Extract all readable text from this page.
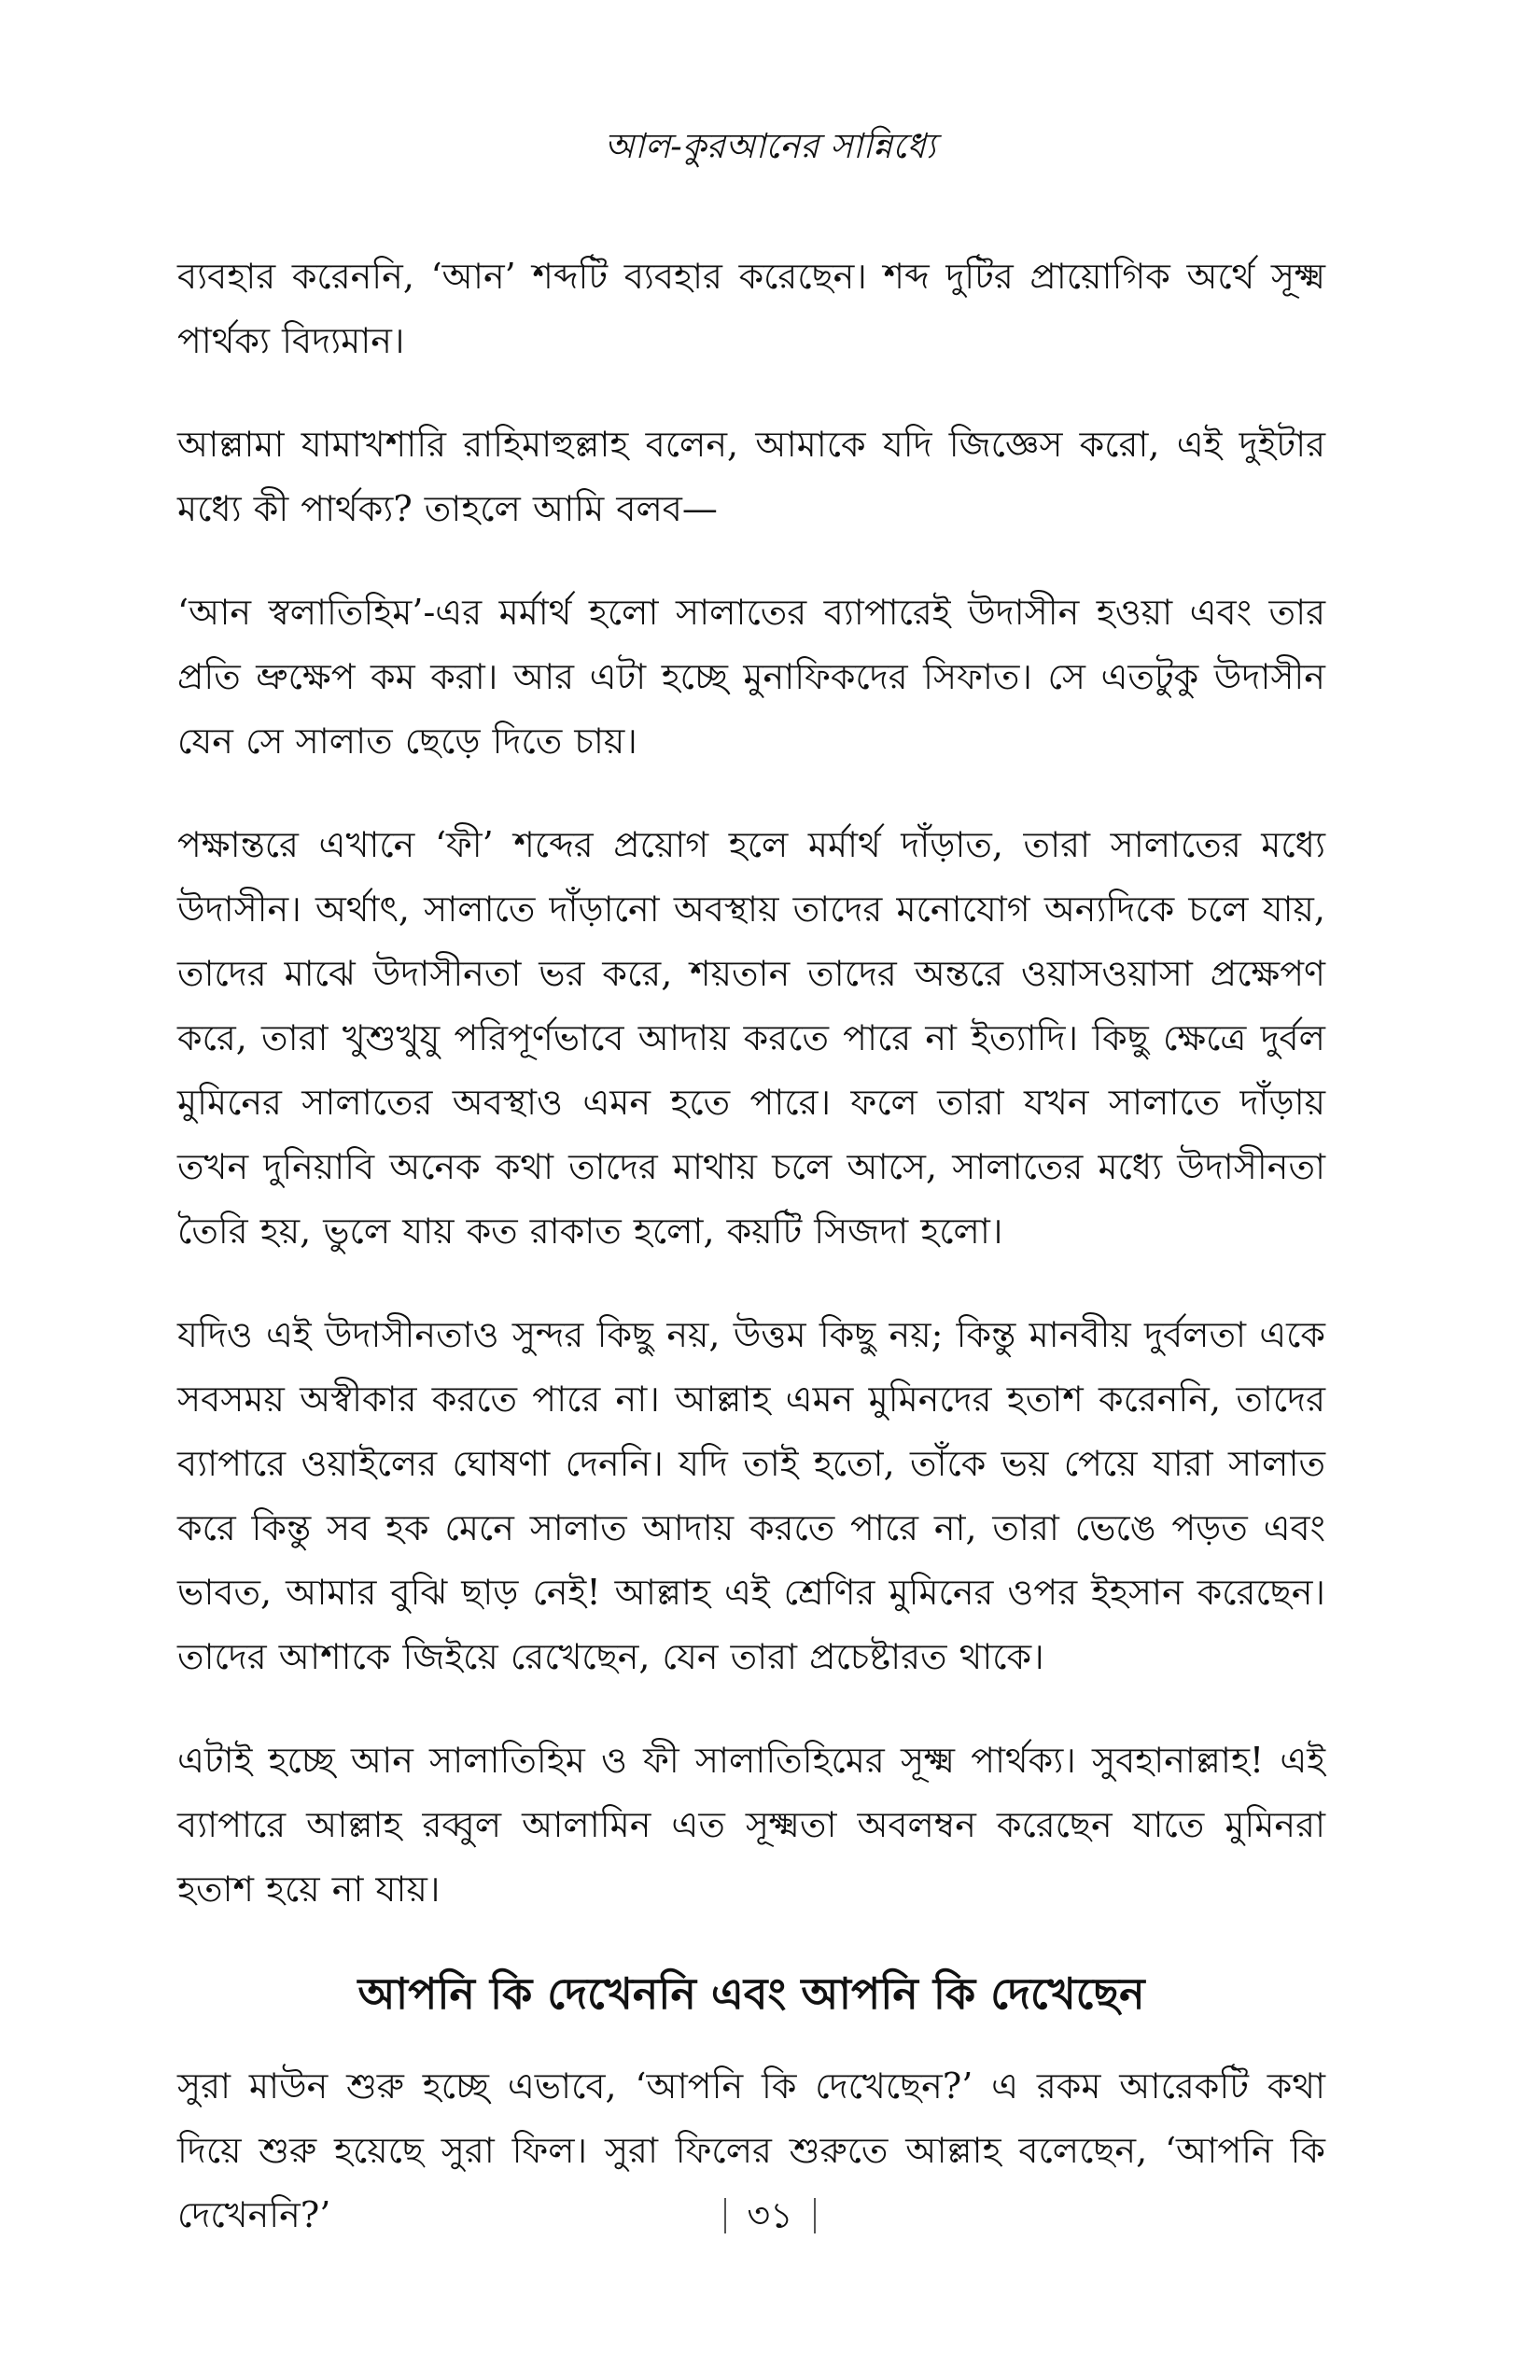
আল-কুরআনের সান্নিধ্যে

ব্যবহার করেননি, ‘আন’ শব্দটি ব্যবহার করেছেন। শব্দ দুটির প্রায়োগিক অর্থে সূক্ষ্ম পার্থক্য বিদ্যমান।

আল্লামা যামাখশারি রাহিমাহুল্লাহ বলেন, আমাকে যদি জিজ্ঞেস করো, এই দুইটার মধ্যে কী পার্থক্য? তাহলে আমি বলব—

‘আন স্বলাতিহিম’-এর মর্মার্থ হলো সালাতের ব্যাপারেই উদাসীন হওয়া এবং তার প্রতি ভ্রুক্ষেপ কম করা। আর এটা হচ্ছে মুনাফিকদের সিফাত। সে এতটুকু উদাসীন যেন সে সালাত ছেড়ে দিতে চায়।

পক্ষান্তরে এখানে ‘ফী’ শব্দের প্রয়োগ হলে মর্মার্থ দাঁড়াত, তারা সালাতের মধ্যে উদাসীন। অর্থাৎ, সালাতে দাঁড়ানো অবস্থায় তাদের মনোযোগ অন্যদিকে চলে যায়, তাদের মাঝে উদাসীনতা ভর করে, শয়তান তাদের অন্তরে ওয়াসওয়াসা প্রক্ষেপণ করে, তারা খুশুখুযু পরিপূর্ণভাবে আদায় করতে পারে না ইত্যাদি। কিছু ক্ষেত্রে দুর্বল মুমিনের সালাতের অবস্থাও এমন হতে পারে। ফলে তারা যখন সালাতে দাঁড়ায় তখন দুনিয়াবি অনেক কথা তাদের মাথায় চলে আসে, সালাতের মধ্যে উদাসীনতা তৈরি হয়, ভুলে যায় কত রাকাত হলো, কয়টি সিজদা হলো।

যদিও এই উদাসীনতাও সুন্দর কিছু নয়, উত্তম কিছু নয়; কিন্তু মানবীয় দুর্বলতা একে সবসময় অস্বীকার করতে পারে না। আল্লাহ এমন মুমিনদের হতাশ করেননি, তাদের ব্যাপারে ওয়াইলের ঘোষণা দেননি। যদি তাই হতো, তাঁকে ভয় পেয়ে যারা সালাত করে কিন্তু সব হক মেনে সালাত আদায় করতে পারে না, তারা ভেঙে পড়ত এবং ভাবত, আমার বুঝি ছাড় নেই! আল্লাহ এই শ্রেণির মুমিনের ওপর ইহসান করেছেন। তাদের আশাকে জিইয়ে রেখেছেন, যেন তারা প্রচেষ্টারত থাকে।

এটাই হচ্ছে আন সালাতিহিম ও ফী সালাতিহিমের সূক্ষ্ম পার্থক্য। সুবহানাল্লাহ! এই ব্যাপারে আল্লাহ রব্বুল আলামিন এত সূক্ষ্মতা অবলম্বন করেছেন যাতে মুমিনরা হতাশ হয়ে না যায়।

আপনি কি দেখেননি এবং আপনি কি দেখেছেন

সুরা মাউন শুরু হচ্ছে এভাবে, ‘আপনি কি দেখেছেন?’ এ রকম আরেকটি কথা দিয়ে শুরু হয়েছে সুরা ফিল। সুরা ফিলের শুরুতে আল্লাহ বলেছেন, ‘আপনি কি দেখেননি?’	৩১
